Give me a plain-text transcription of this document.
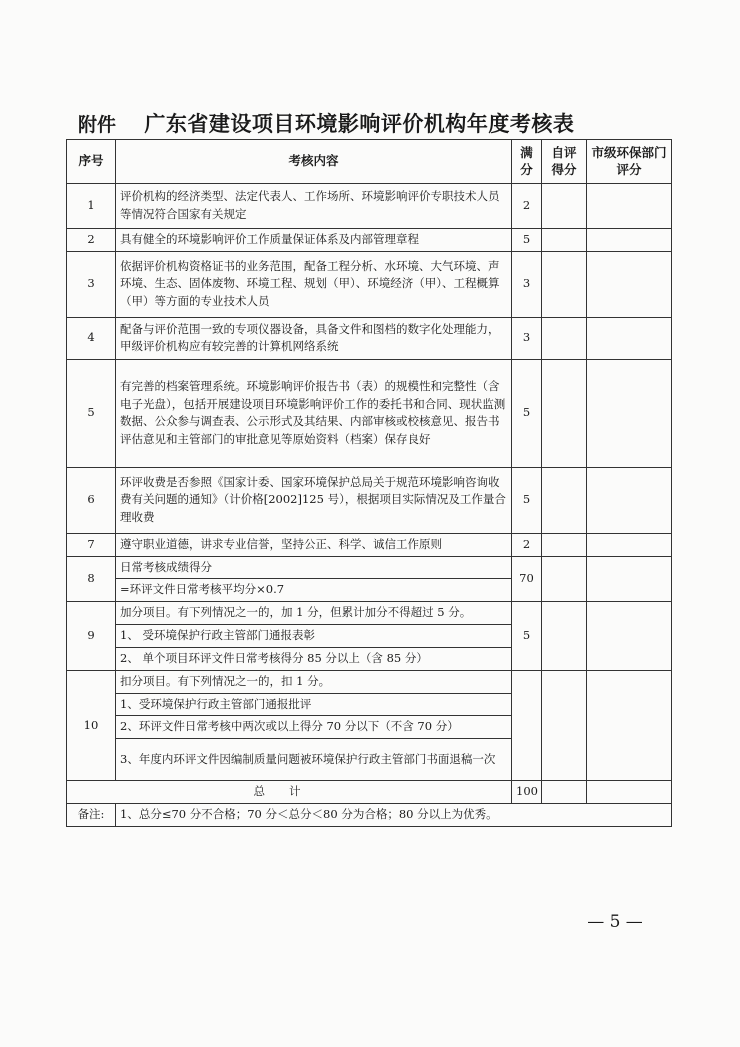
附件 广东省建设项目环境影响评价机构年度考核表
序号	考核内容	满分	自评得分	市级环保部门评分
1	评价机构的经济类型、法定代表人、工作场所、环境影响评价专职技术人员等情况符合国家有关规定	2		
2	具有健全的环境影响评价工作质量保证体系及内部管理章程	5		
3	依据评价机构资格证书的业务范围，配备工程分析、水环境、大气环境、声环境、生态、固体废物、环境工程、规划（甲）、环境经济（甲）、工程概算（甲）等方面的专业技术人员	3		
4	配备与评价范围一致的专项仪器设备，具备文件和图档的数字化处理能力，甲级评价机构应有较完善的计算机网络系统	3		
5	有完善的档案管理系统。环境影响评价报告书（表）的规模性和完整性（含电子光盘），包括开展建设项目环境影响评价工作的委托书和合同、现状监测数据、公众参与调查表、公示形式及其结果、内部审核或校核意见、报告书评估意见和主管部门的审批意见等原始资料（档案）保存良好	5		
6	环评收费是否参照《国家计委、国家环境保护总局关于规范环境影响咨询收费有关问题的通知》（计价格[2002]125 号），根据项目实际情况及工作量合理收费	5		
7	遵守职业道德，讲求专业信誉，坚持公正、科学、诚信工作原则	2		
8	日常考核成绩得分	70		
	=环评文件日常考核平均分×0.7			
9	加分项目。有下列情况之一的，加 1 分，但累计加分不得超过 5 分。	5		
	1、 受环境保护行政主管部门通报表彰			
	2、 单个项目环评文件日常考核得分 85 分以上（含 85 分）			
10	扣分项目。有下列情况之一的，扣 1 分。			
	1、受环境保护行政主管部门通报批评			
	2、环评文件日常考核中两次或以上得分 70 分以下（不含 70 分）			
	3、年度内环评文件因编制质量问题被环境保护行政主管部门书面退稿一次			
总计		100		
备注:	1、总分≤70 分不合格；70 分＜总分＜80 分为合格；80 分以上为优秀。			
— 5 —
